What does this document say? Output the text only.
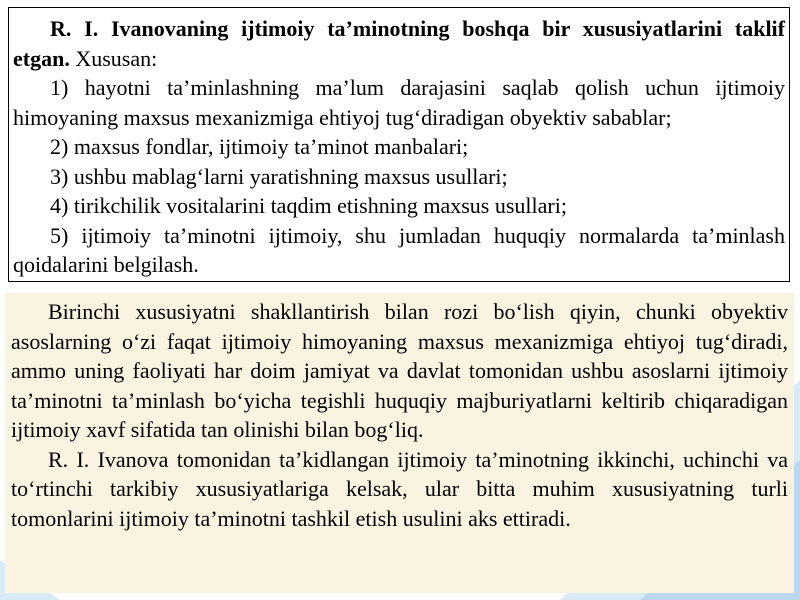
R. I. Ivanovaning ijtimoiy ta’minotning boshqa bir xususiyatlarini taklif etgan. Xususan:

1) hayotni ta’minlashning ma’lum darajasini saqlab qolish uchun ijtimoiy himoyaning maxsus mexanizmiga ehtiyoj tug‘diradigan obyektiv sabablar;

2) maxsus fondlar, ijtimoiy ta’minot manbalari;

3) ushbu mablag‘larni yaratishning maxsus usullari;

4) tirikchilik vositalarini taqdim etishning maxsus usullari;

5) ijtimoiy ta’minotni ijtimoiy, shu jumladan huquqiy normalarda ta’minlash qoidalarini belgilash.

Birinchi xususiyatni shakllantirish bilan rozi bo‘lish qiyin, chunki obyektiv asoslarning o‘zi faqat ijtimoiy himoyaning maxsus mexanizmiga ehtiyoj tug‘diradi, ammo uning faoliyati har doim jamiyat va davlat tomonidan ushbu asoslarni ijtimoiy ta’minotni ta’minlash bo‘yicha tegishli huquqiy majburiyatlarni keltirib chiqaradigan ijtimoiy xavf sifatida tan olinishi bilan bog‘liq.

R. I. Ivanova tomonidan ta’kidlangan ijtimoiy ta’minotning ikkinchi, uchinchi va to‘rtinchi tarkibiy xususiyatlariga kelsak, ular bitta muhim xususiyatning turli tomonlarini ijtimoiy ta’minotni tashkil etish usulini aks ettiradi.
